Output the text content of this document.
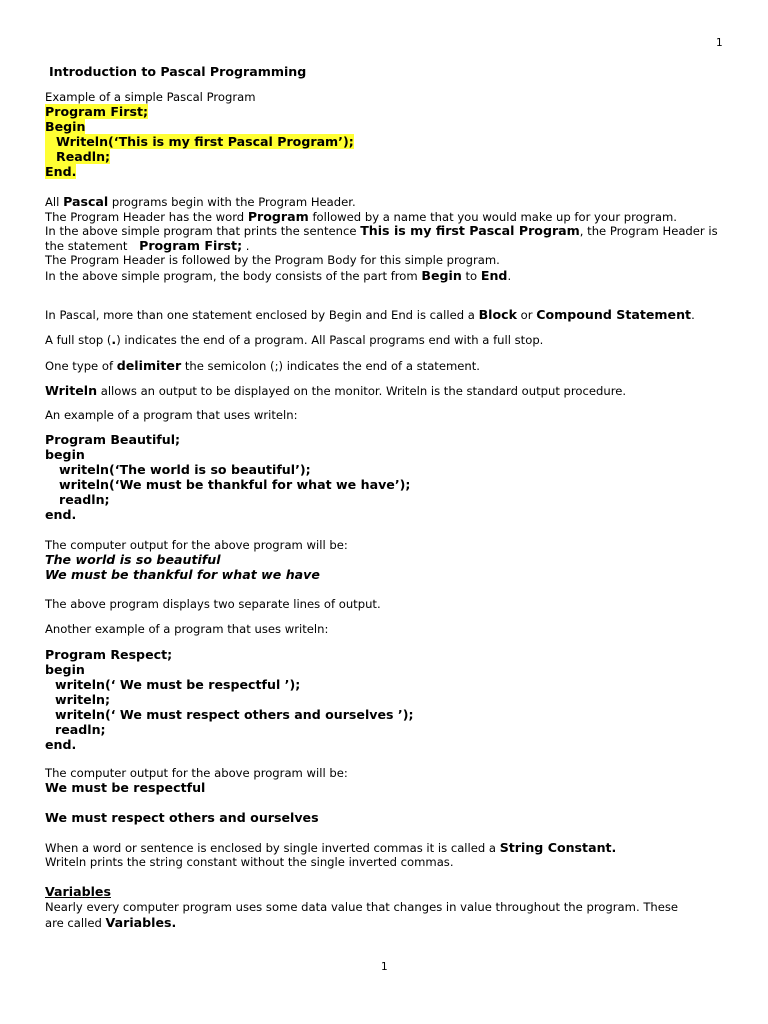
1
Introduction to Pascal Programming
Example of a simple Pascal Program
Program First;
Begin
Writeln(‘This is my first Pascal Program’);
Readln;
End.
All Pascal programs begin with the Program Header.
The Program Header has the word Program followed by a name that you would make up for your program.
In the above simple program that prints the sentence This is my first Pascal Program, the Program Header is
the statement Program First; .
The Program Header is followed by the Program Body for this simple program.
In the above simple program, the body consists of the part from Begin to End.
In Pascal, more than one statement enclosed by Begin and End is called a Block or Compound Statement.
A full stop (.) indicates the end of a program. All Pascal programs end with a full stop.
One type of delimiter the semicolon (;) indicates the end of a statement.
Writeln allows an output to be displayed on the monitor. Writeln is the standard output procedure.
An example of a program that uses writeln:
Program Beautiful;
begin
writeln(‘The world is so beautiful’);
writeln(‘We must be thankful for what we have’);
readln;
end.
The computer output for the above program will be:
The world is so beautiful
We must be thankful for what we have
The above program displays two separate lines of output.
Another example of a program that uses writeln:
Program Respect;
begin
writeln(‘ We must be respectful ’);
writeln;
writeln(‘ We must respect others and ourselves ’);
readln;
end.
The computer output for the above program will be:
We must be respectful
We must respect others and ourselves
When a word or sentence is enclosed by single inverted commas it is called a String Constant.
Writeln prints the string constant without the single inverted commas.
Variables
Nearly every computer program uses some data value that changes in value throughout the program. These
are called Variables.
1
